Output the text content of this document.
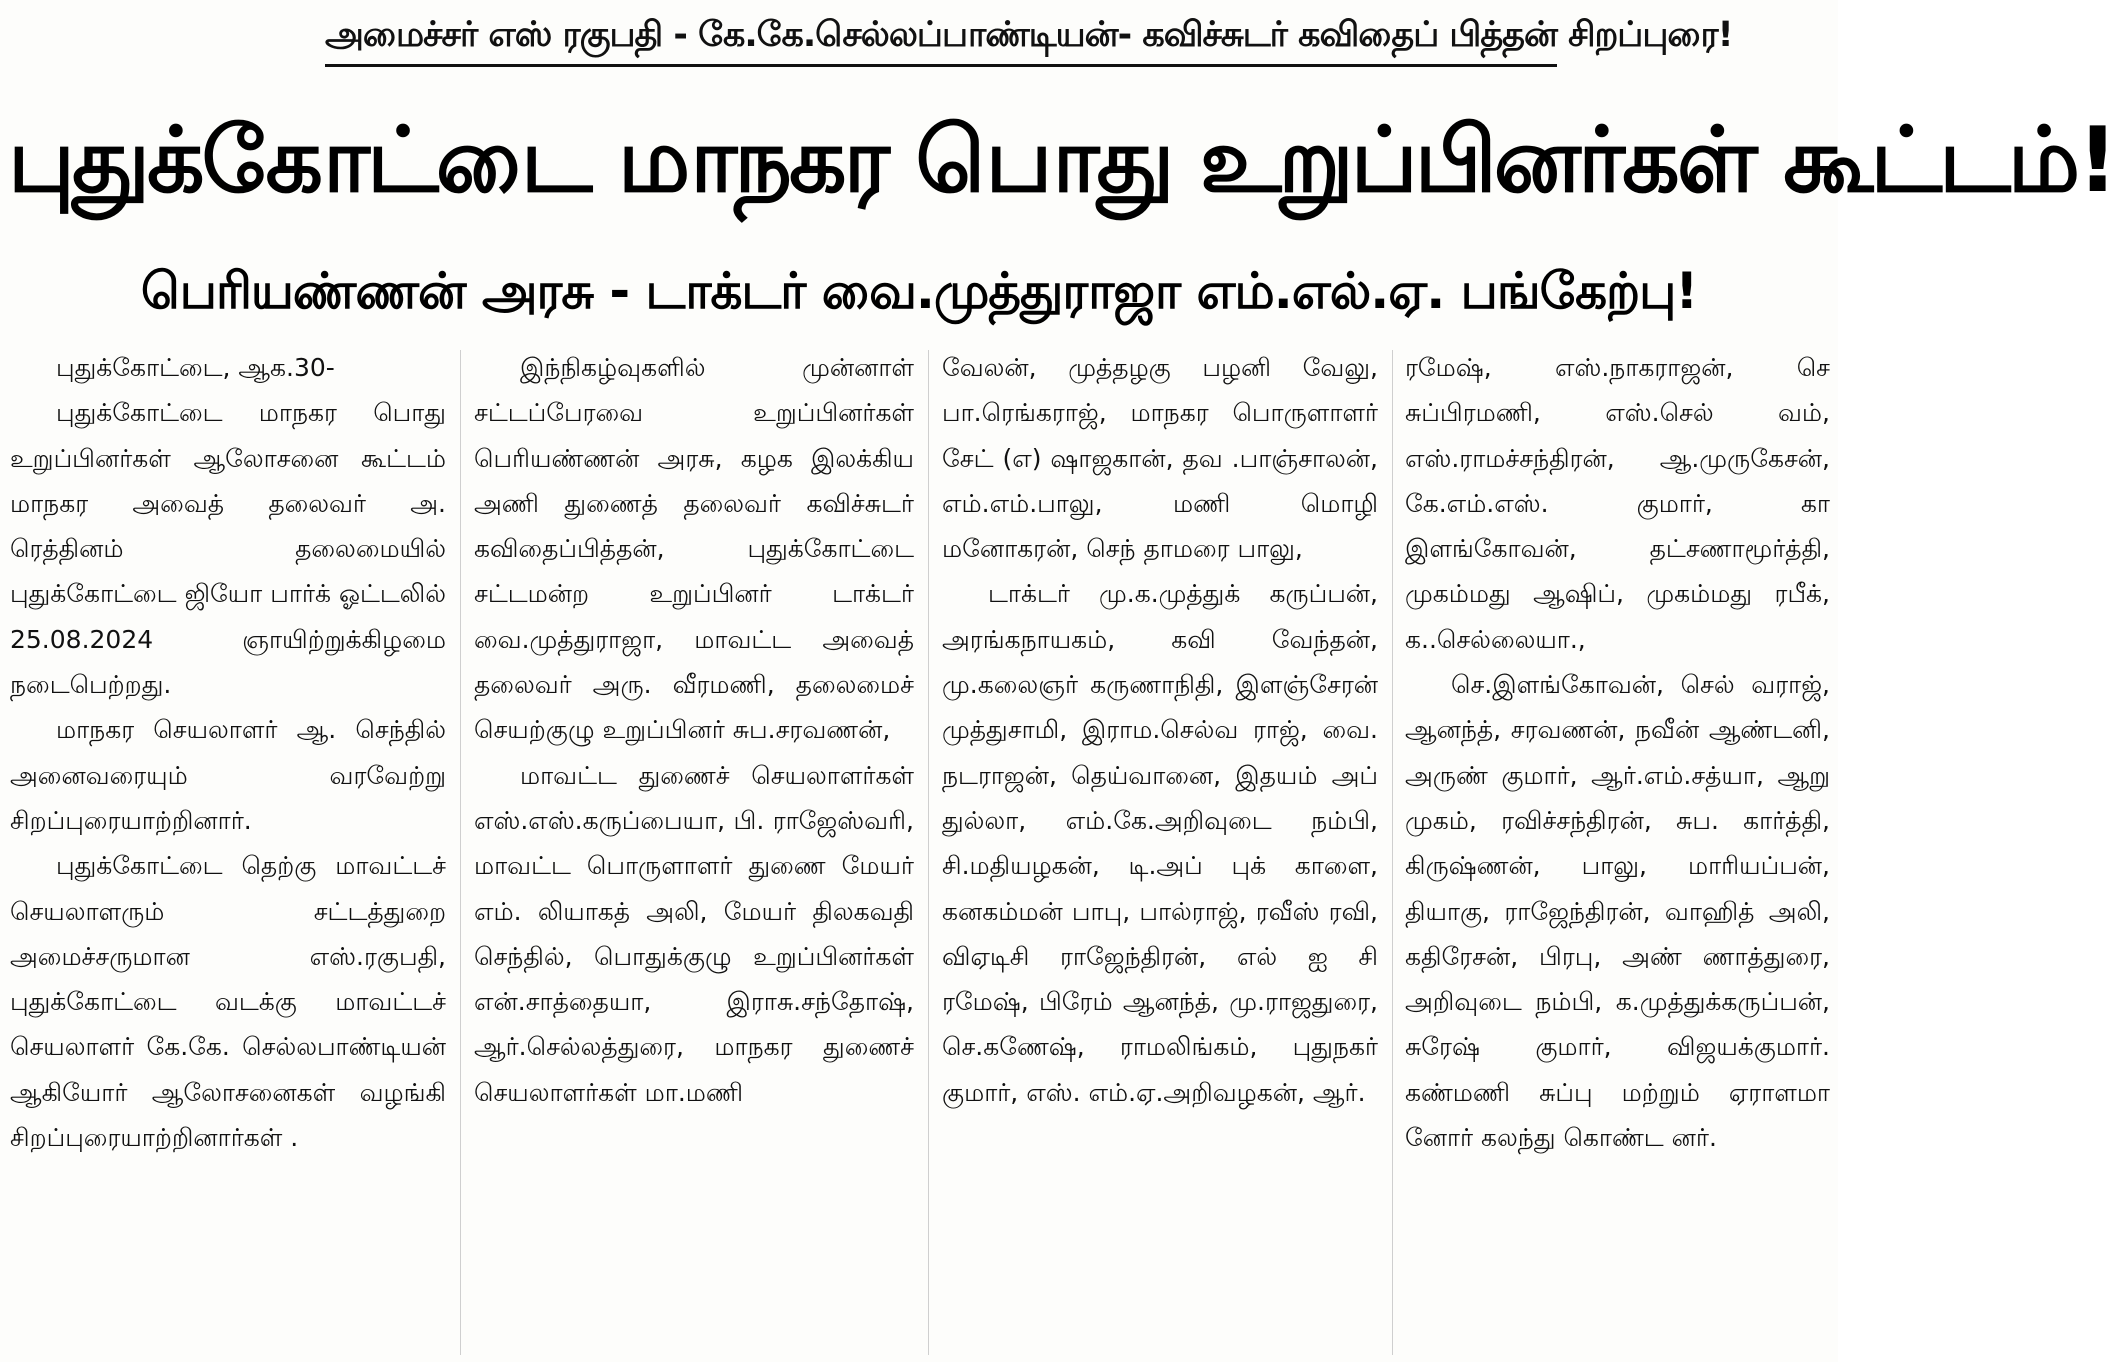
அமைச்சர் எஸ் ரகுபதி - கே.கே.செல்லப்பாண்டியன்- கவிச்சுடர் கவிதைப் பித்தன் சிறப்புரை!
புதுக்கோட்டை மாநகர பொது உறுப்பினர்கள் கூட்டம்!
பெரியண்ணன் அரசு - டாக்டர் வை.முத்துராஜா எம்.எல்.ஏ. பங்கேற்பு!

புதுக்கோட்டை, ஆக.30-

புதுக்கோட்டை மாநகர பொது உறுப்பினர்கள் ஆலோசனை கூட்டம் மாநகர அவைத் தலைவர் அ. ரெத்தினம் தலைமையில் புதுக்கோட்டை ஜியோ பார்க் ஓட்டலில் 25.08.2024 ஞாயிற்றுக்கிழமை நடைபெற்றது.

மாநகர செயலாளர் ஆ. செந்தில் அனைவரையும் வரவேற்று சிறப்புரையாற்றினார்.

புதுக்கோட்டை தெற்கு மாவட்டச் செயலாளரும் சட்டத்துறை அமைச்சருமான எஸ்.ரகுபதி, புதுக்கோட்டை வடக்கு மாவட்டச் செயலாளர் கே.கே. செல்லபாண்டியன் ஆகியோர் ஆலோசனைகள் வழங்கி சிறப்புரையாற்றினார்கள் .

இந்நிகழ்வுகளில் முன்னாள் சட்டப்பேரவை உறுப்பினர்கள் பெரியண்ணன் அரசு, கழக இலக்கிய அணி துணைத் தலைவர் கவிச்சுடர் கவிதைப்பித்தன், புதுக்கோட்டை சட்டமன்ற உறுப்பினர் டாக்டர் வை.முத்துராஜா, மாவட்ட அவைத் தலைவர் அரு. வீரமணி, தலைமைச் செயற்குழு உறுப்பினர் சுப.சரவணன்,

மாவட்ட துணைச் செயலாளர்கள் எஸ்.எஸ்.கருப்பையா, பி. ராஜேஸ்வரி, மாவட்ட பொருளாளர் துணை மேயர் எம். லியாகத் அலி, மேயர் திலகவதி செந்தில், பொதுக்குழு உறுப்பினர்கள் என்.சாத்தையா, இராசு.சந்தோஷ், ஆர்.செல்லத்துரை, மாநகர துணைச் செயலாளர்கள் மா.மணி

வேலன், முத்தழகு பழனி வேலு, பா.ரெங்கராஜ், மாநகர பொருளாளர் சேட் (எ) ஷாஜகான், தவ .பாஞ்சாலன், எம்.எம்.பாலு, மணி மொழி மனோகரன், செந் தாமரை பாலு,

டாக்டர் மு.க.முத்துக் கருப்பன், அரங்கநாயகம், கவி வேந்தன், மு.கலைஞர் கருணாநிதி, இளஞ்சேரன் முத்துசாமி, இராம.செல்வ ராஜ், வை. நடராஜன், தெய்வானை, இதயம் அப் துல்லா, எம்.கே.அறிவுடை நம்பி, சி.மதியழகன், டி.அப் புக் காளை, கனகம்மன் பாபு, பால்ராஜ், ரவீஸ் ரவி, விஏடிசி ராஜேந்திரன், எல் ஐ சி ரமேஷ், பிரேம் ஆனந்த், மு.ராஜதுரை, செ.கணேஷ், ராமலிங்கம், புதுநகர் குமார், எஸ். எம்.ஏ.அறிவழகன், ஆர்.

ரமேஷ், எஸ்.நாகராஜன், செ சுப்பிரமணி, எஸ்.செல் வம், எஸ்.ராமச்சந்திரன், ஆ.முருகேசன், கே.எம்.எஸ். குமார், கா இளங்கோவன், தட்சணாமூர்த்தி, முகம்மது ஆஷிப், முகம்மது ரபீக், க..செல்லையா.,

செ.இளங்கோவன், செல் வராஜ், ஆனந்த், சரவணன், நவீன் ஆண்டனி, அருண் குமார், ஆர்.எம்.சத்யா, ஆறு முகம், ரவிச்சந்திரன், சுப. கார்த்தி, கிருஷ்ணன், பாலு, மாரியப்பன், தியாகு, ராஜேந்திரன், வாஹித் அலி, கதிரேசன், பிரபு, அண் ணாத்துரை, அறிவுடை நம்பி, க.முத்துக்கருப்பன், சுரேஷ் குமார், விஜயக்குமார். கண்மணி சுப்பு மற்றும் ஏராளமா னோர் கலந்து கொண்ட னர்.
